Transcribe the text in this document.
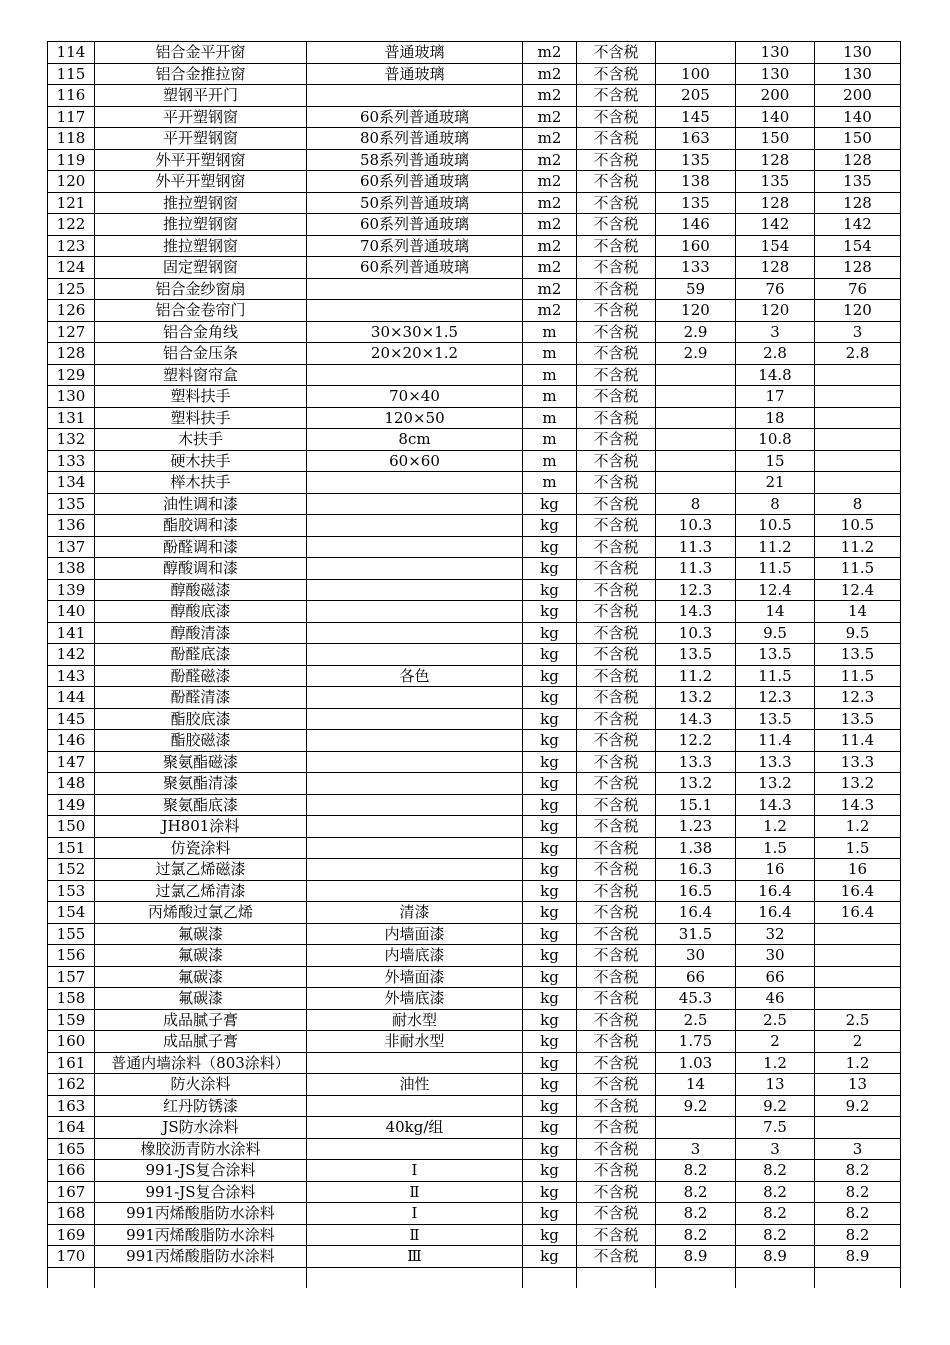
114	铝合金平开窗	普通玻璃	m2	不含税		130	130
115	铝合金推拉窗	普通玻璃	m2	不含税	100	130	130
116	塑钢平开门		m2	不含税	205	200	200
117	平开塑钢窗	60系列普通玻璃	m2	不含税	145	140	140
118	平开塑钢窗	80系列普通玻璃	m2	不含税	163	150	150
119	外平开塑钢窗	58系列普通玻璃	m2	不含税	135	128	128
120	外平开塑钢窗	60系列普通玻璃	m2	不含税	138	135	135
121	推拉塑钢窗	50系列普通玻璃	m2	不含税	135	128	128
122	推拉塑钢窗	60系列普通玻璃	m2	不含税	146	142	142
123	推拉塑钢窗	70系列普通玻璃	m2	不含税	160	154	154
124	固定塑钢窗	60系列普通玻璃	m2	不含税	133	128	128
125	铝合金纱窗扇		m2	不含税	59	76	76
126	铝合金卷帘门		m2	不含税	120	120	120
127	铝合金角线	30×30×1.5	m	不含税	2.9	3	3
128	铝合金压条	20×20×1.2	m	不含税	2.9	2.8	2.8
129	塑料窗帘盒		m	不含税		14.8	
130	塑料扶手	70×40	m	不含税		17	
131	塑料扶手	120×50	m	不含税		18	
132	木扶手	8cm	m	不含税		10.8	
133	硬木扶手	60×60	m	不含税		15	
134	榉木扶手		m	不含税		21	
135	油性调和漆		kg	不含税	8	8	8
136	酯胶调和漆		kg	不含税	10.3	10.5	10.5
137	酚醛调和漆		kg	不含税	11.3	11.2	11.2
138	醇酸调和漆		kg	不含税	11.3	11.5	11.5
139	醇酸磁漆		kg	不含税	12.3	12.4	12.4
140	醇酸底漆		kg	不含税	14.3	14	14
141	醇酸清漆		kg	不含税	10.3	9.5	9.5
142	酚醛底漆		kg	不含税	13.5	13.5	13.5
143	酚醛磁漆	各色	kg	不含税	11.2	11.5	11.5
144	酚醛清漆		kg	不含税	13.2	12.3	12.3
145	酯胶底漆		kg	不含税	14.3	13.5	13.5
146	酯胶磁漆		kg	不含税	12.2	11.4	11.4
147	聚氨酯磁漆		kg	不含税	13.3	13.3	13.3
148	聚氨酯清漆		kg	不含税	13.2	13.2	13.2
149	聚氨酯底漆		kg	不含税	15.1	14.3	14.3
150	JH801涂料		kg	不含税	1.23	1.2	1.2
151	仿瓷涂料		kg	不含税	1.38	1.5	1.5
152	过氯乙烯磁漆		kg	不含税	16.3	16	16
153	过氯乙烯清漆		kg	不含税	16.5	16.4	16.4
154	丙烯酸过氯乙烯	清漆	kg	不含税	16.4	16.4	16.4
155	氟碳漆	内墙面漆	kg	不含税	31.5	32	
156	氟碳漆	内墙底漆	kg	不含税	30	30	
157	氟碳漆	外墙面漆	kg	不含税	66	66	
158	氟碳漆	外墙底漆	kg	不含税	45.3	46	
159	成品腻子膏	耐水型	kg	不含税	2.5	2.5	2.5
160	成品腻子膏	非耐水型	kg	不含税	1.75	2	2
161	普通内墙涂料（803涂料）		kg	不含税	1.03	1.2	1.2
162	防火涂料	油性	kg	不含税	14	13	13
163	红丹防锈漆		kg	不含税	9.2	9.2	9.2
164	JS防水涂料	40kg/组	kg	不含税		7.5	
165	橡胶沥青防水涂料		kg	不含税	3	3	3
166	991-JS复合涂料	Ⅰ	kg	不含税	8.2	8.2	8.2
167	991-JS复合涂料	Ⅱ	kg	不含税	8.2	8.2	8.2
168	991丙烯酸脂防水涂料	Ⅰ	kg	不含税	8.2	8.2	8.2
169	991丙烯酸脂防水涂料	Ⅱ	kg	不含税	8.2	8.2	8.2
170	991丙烯酸脂防水涂料	Ⅲ	kg	不含税	8.9	8.9	8.9
